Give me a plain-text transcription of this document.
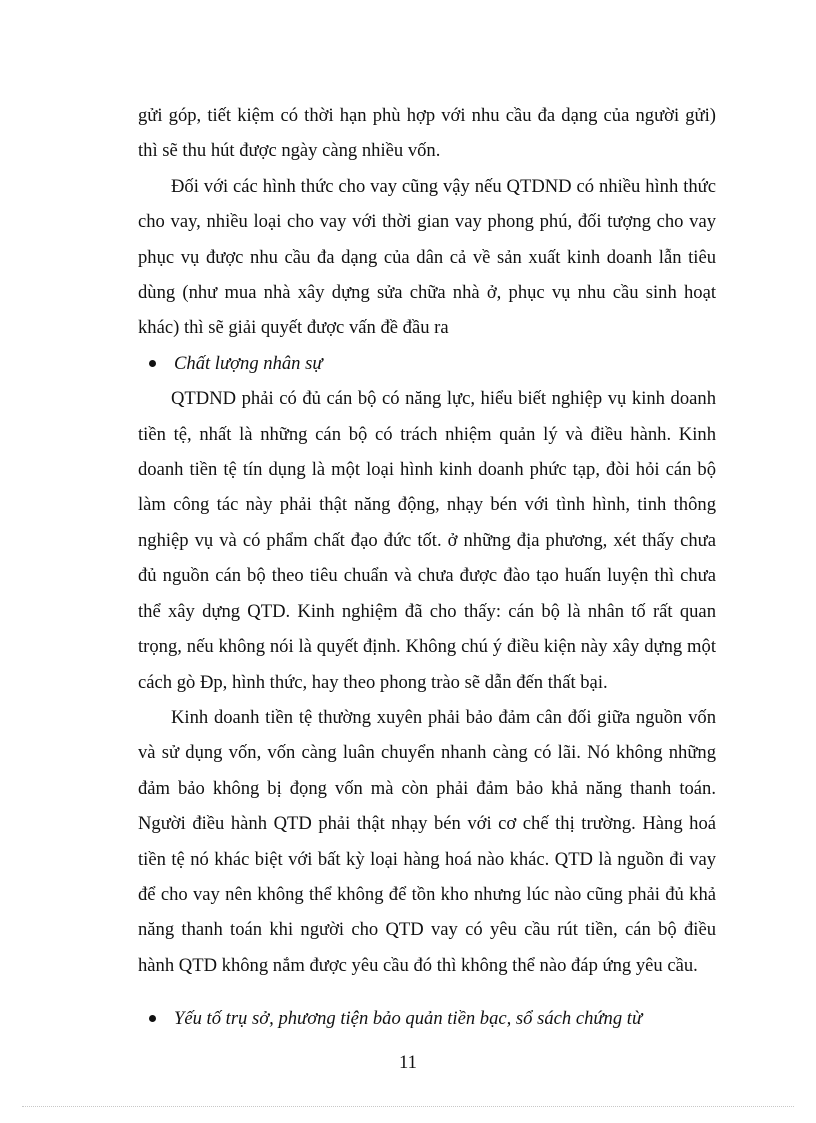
gửi góp, tiết kiệm có thời hạn phù hợp với nhu cầu đa dạng của người gửi) thì sẽ thu hút được ngày càng nhiều vốn.

Đối với các hình thức cho vay cũng vậy nếu QTDND có nhiều hình thức cho vay, nhiều loại cho vay với thời gian vay phong phú, đối tượng cho vay phục vụ được nhu cầu đa dạng của dân cả về sản xuất kinh doanh lẫn tiêu dùng (như mua nhà xây dựng sửa chữa nhà ở, phục vụ nhu cầu sinh hoạt khác) thì sẽ giải quyết được vấn đề đầu ra

Chất lượng nhân sự

QTDND phải có đủ cán bộ có năng lực, hiểu biết nghiệp vụ kinh doanh tiền tệ, nhất là những cán bộ có trách nhiệm quản lý và điều hành. Kinh doanh tiền tệ tín dụng là một loại hình kinh doanh phức tạp, đòi hỏi cán bộ làm công tác này phải thật năng động, nhạy bén với tình hình, tinh thông nghiệp vụ và có phẩm chất đạo đức tốt. ở những địa phương, xét thấy chưa đủ nguồn cán bộ theo tiêu chuẩn và chưa được đào tạo huấn luyện thì chưa thể xây dựng QTD. Kinh nghiệm đã cho thấy: cán bộ là nhân tố rất quan trọng, nếu không nói là quyết định. Không chú ý điều kiện này xây dựng một cách gò Đp, hình thức, hay theo phong trào sẽ dẫn đến thất bại.

Kinh doanh tiền tệ thường xuyên phải bảo đảm cân đối giữa nguồn vốn và sử dụng vốn, vốn càng luân chuyển nhanh càng có lãi. Nó không những đảm bảo không bị đọng vốn mà còn phải đảm bảo khả năng thanh toán. Người điều hành QTD phải thật nhạy bén với cơ chế thị trường. Hàng hoá tiền tệ nó khác biệt với bất kỳ loại hàng hoá nào khác. QTD là nguồn đi vay để cho vay nên không thể không để tồn kho nhưng lúc nào cũng phải đủ khả năng thanh toán khi người cho QTD vay có yêu cầu rút tiền, cán bộ điều hành QTD không nắm được yêu cầu đó thì không thể nào đáp ứng yêu cầu.

Yếu tố trụ sở, phương tiện bảo quản tiền bạc, sổ sách chứng từ

11
